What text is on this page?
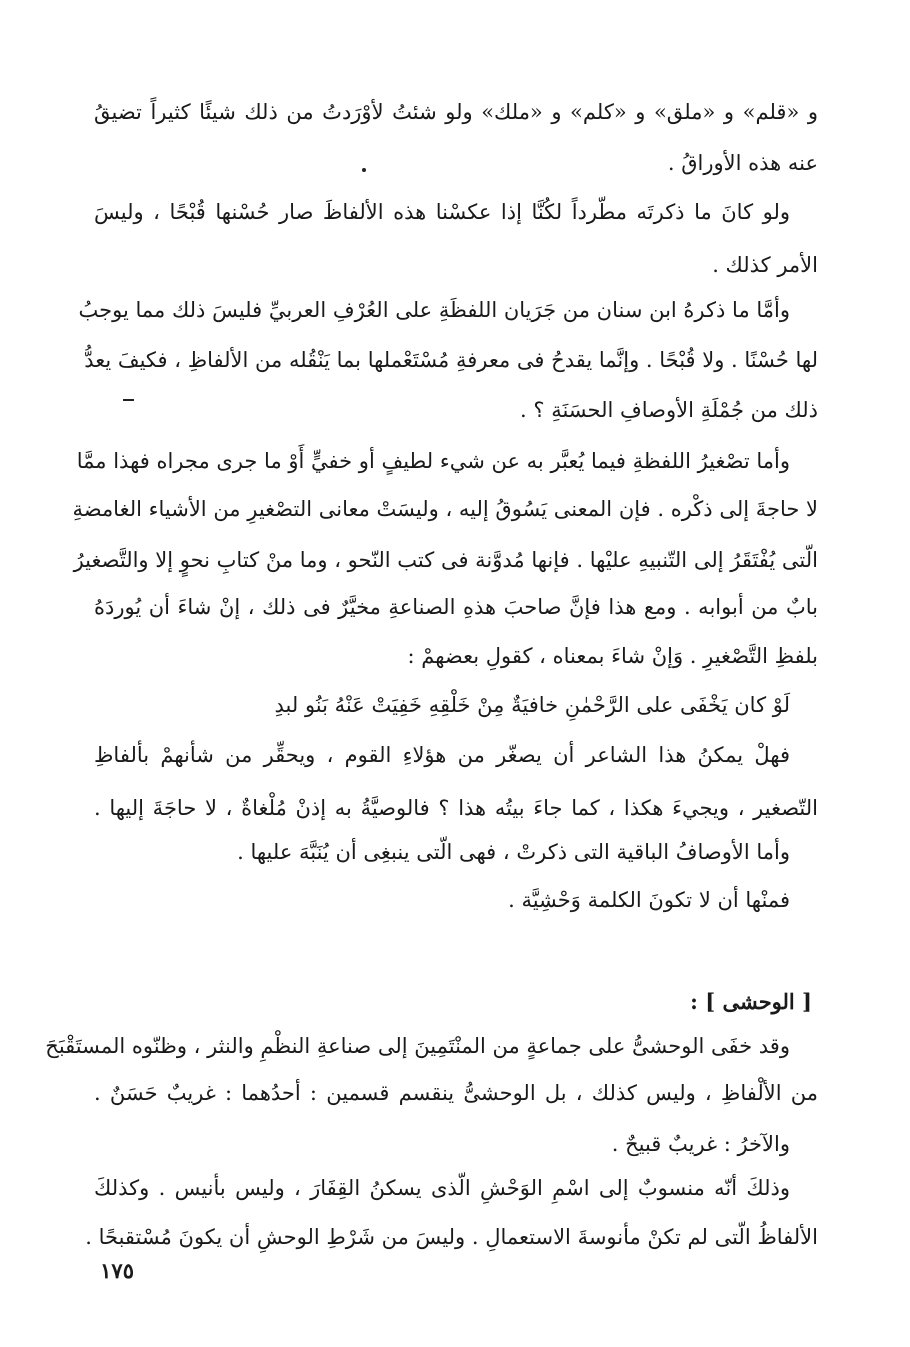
و «قلم» و «ملق» و «كلم» و «ملك» ولو شئتُ لأوْرَدتُ من ذلك شيئًا كثيراً تضيقُ
عنه هذه الأوراقُ .
ولو كانَ ما ذكرتَه مطّرداً لكُنَّا إذا عكسْنا هذه الألفاظَ صار حُسْنها قُبْحًا ، وليسَ
الأمر كذلك .
وأمَّا ما ذكرهُ ابن سنان من جَرَيان اللفظَةِ على العُرْفِ العربيِّ فليسَ ذلك مما يوجبُ
لها حُسْنًا . ولا قُبْحًا . وإنَّما يقدحُ فى معرفةِ مُسْتَعْملها بما يَنْقُله من الألفاظِ ، فكيفَ يعدُّ
ذلك من جُمْلَةِ الأوصافِ الحسَنَةِ ؟ .
وأما تصْغيرُ اللفظةِ فيما يُعبَّر به عن شيء لطيفٍ أو خفيٍّ أَوْ ما جرى مجراه فهذا ممَّا
لا حاجةَ إلى ذكْره . فإن المعنى يَسُوقُ إليه ، وليسَتْ معانى التصْغيرِ من الأشياء الغامضةِ
الّتى يُفْتَقَرُ إلى التّنبيهِ عليْها . فإنها مُدوَّنة فى كتب النّحو ، وما منْ كتابِ نحوٍ إلا والتَّصغيرُ
بابٌ من أبوابه . ومع هذا فإنَّ صاحبَ هذهِ الصناعةِ مخيَّرٌ فى ذلك ، إنْ شاءَ أن يُوردَهُ
بلفظِ التَّصْغيرِ . وَإنْ شاءَ بمعناه ، كقولِ بعضهمْ :
لَوْ كان يَخْفَى على الرَّحْمٰنِ خافيَةٌ مِنْ خَلْقِهِ خَفِيَتْ عَنْهُ بَنُو لبدِ
فهلْ يمكنُ هذا الشاعر أن يصغّر من هؤلاءِ القوم ، ويحقِّر من شأنهمْ بألفاظِ
التّصغير ، ويجيءَ هكذا ، كما جاءَ بيتُه هذا ؟ فالوصيَّةُ به إذنْ مُلْغاةٌ ، لا حاجَةَ إليها .
وأما الأوصافُ الباقية التى ذكرتْ ، فهى الّتى ينبغِى أن يُنَبَّهَ عليها .
فمنْها أن لا تكونَ الكلمة وَحْشِيَّة .
[ الوحشى ] :
وقد خفَى الوحشىُّ على جماعةٍ من المنْتَمِينَ إلى صناعةِ النظْمِ والنثر ، وظنّوه المستَقْبَحَ
من الألْفاظِ ، وليس كذلك ، بل الوحشىُّ ينقسم قسمين : أحدُهما : غريبٌ حَسَنٌ .
والآخرُ : غريبٌ قبيحٌ .
وذلكَ أنّه منسوبٌ إلى اسْمِ الوَحْشِ الّذى يسكنُ القِفَارَ ، وليس بأنيس . وكذلكَ
الألفاظُ الّتى لم تكنْ مأنوسةَ الاستعمالِ . وليسَ من شَرْطِ الوحشِ أن يكونَ مُسْتقبحًا .
١٧٥
